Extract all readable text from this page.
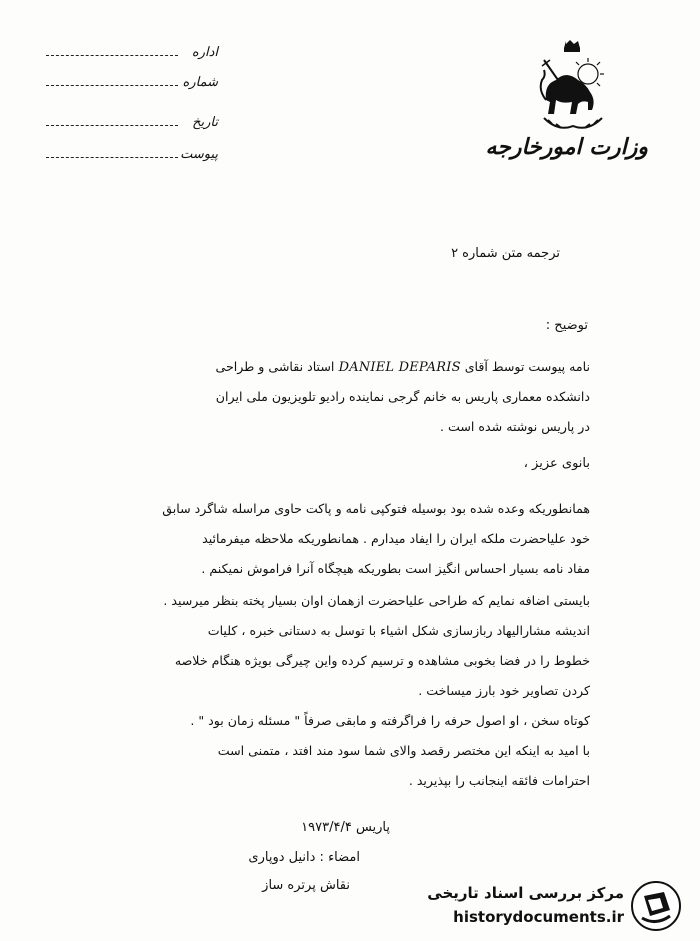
اداره
شماره
تاریخ
پیوست	وزارت امورخارجه
ترجمه متن شماره ۲
توضیح :
نامه پیوست توسط آقای DANIEL DEPARIS استاد نقاشی و طراحی
دانشکده معماری پاریس به خانم گرجی نماینده رادیو تلویزیون ملی ایران
در پاریس نوشته شده است .
بانوی عزیز ،
همانطوریکه وعده شده بود بوسیله فتوکپی نامه و پاکت حاوی مراسله شاگرد سابق
خود علیاحضرت ملکه ایران را ایفاد میدارم . همانطوریکه ملاحظه میفرمائید
مفاد نامه بسیار احساس انگیز است بطوریکه هیچگاه آنرا فراموش نمیکنم .
بایستی اضافه نمایم که طراحی علیاحضرت ازهمان اوان بسیار پخته بنظر میرسید .
اندیشه مشارالیهاد ربازسازی شکل اشیاء با توسل به دستانی خبره ، کلیات
خطوط را در فضا بخوبی مشاهده و ترسیم کرده واین چیرگی بویژه هنگام خلاصه
کردن تصاویر خود بارز میساخت .
کوتاه سخن ، او اصول حرفه را فراگرفته و مابقی صرفاً " مسئله زمان بود " .
با امید به اینکه این مختصر رقصد والای شما سود مند افتد ، متمنی است
احترامات فائقه اینجانب را بپذیرید .
پاریس ۱۹۷۳/۴/۴
امضاء : دانیل دوپاری
نقاش پرتره ساز	مرکز بررسی اسناد تاریخی
historydocuments.ir
